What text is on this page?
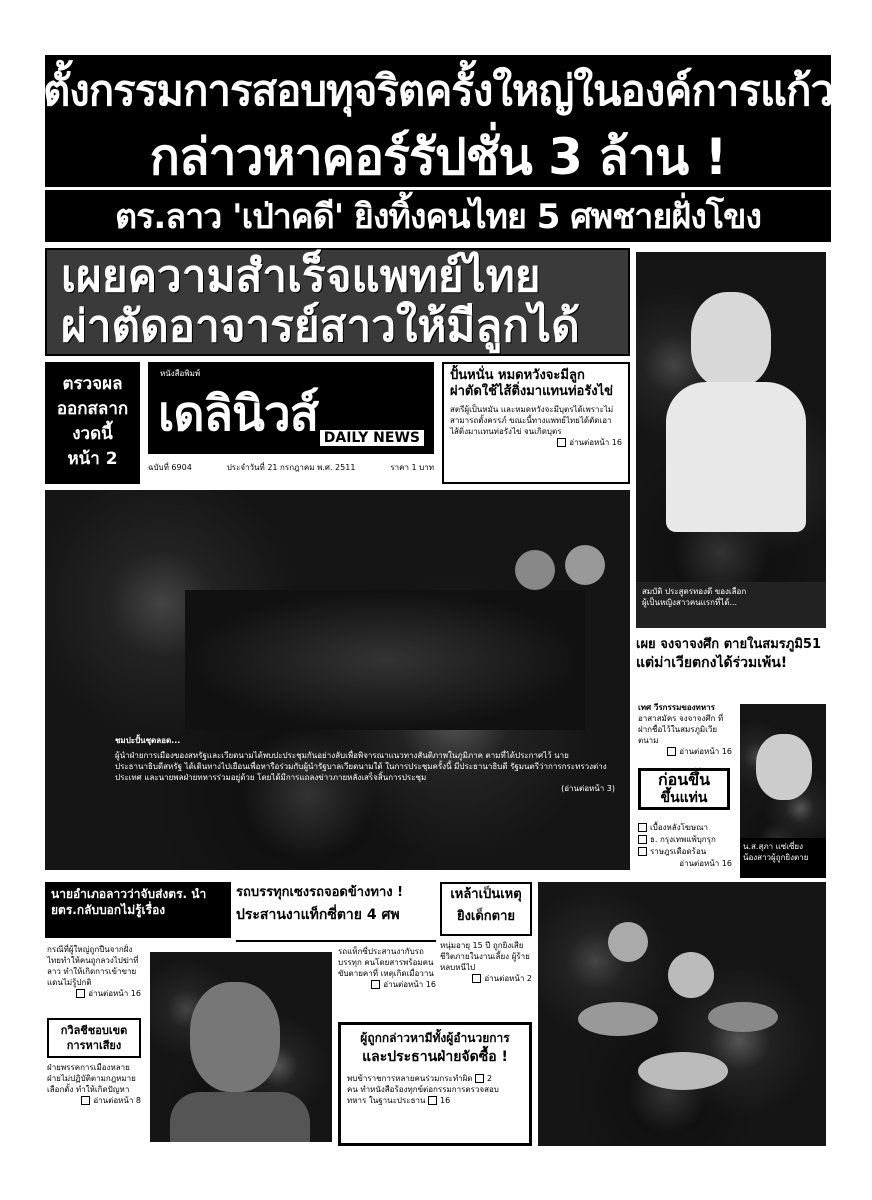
ตั้งกรรมการสอบทุจริตครั้งใหญ่ในองค์การแก้ว
กล่าวหาคอร์รัปชั่น 3 ล้าน !
ตร.ลาว 'เป่าคดี' ยิงทิ้งคนไทย 5 ศพชายฝั่งโขง
เผยความสำเร็จแพทย์ไทย
ผ่าตัดอาจารย์สาวให้มีลูกได้
สมบัติ ประสูตรทองดี ของเลือก
ผู้เป็นหญิงสาวคนแรกที่ได้...
ตรวจผล
ออกสลาก
งวดนี้
หน้า 2
หนังสือพิมพ์
เดลินิวส์ DAILY NEWS
ฉบับที่ 6904	ประจำวันที่ 21 กรกฎาคม พ.ศ. 2511	ราคา 1 บาท
ปั้นหนั่น หมดหวังจะมีลูก
ผ่าตัดใช้ไส้ติ่งมาแทนท่อรังไข่
สตรีผู้เป็นหมัน และหมดหวังจะมีบุตรได้เพราะไม่สามารถตั้งครรภ์ ขณะนี้ทางแพทย์ไทยได้ตัดเอาไส้ติ่งมาแทนท่อรังไข่ จนเกิดบุตร
อ่านต่อหน้า 16
ชมปะปั้นชุดลอด...
ผู้นำฝ่ายการเมืองของสหรัฐและเวียดนามได้พบปะประชุมกันอย่างลับเพื่อพิจารณาแนวทางสันติภาพในภูมิภาค ตามที่ได้ประกาศไว้ นายประธานาธิบดีสหรัฐ ได้เดินทางไปเยือนเพื่อหารือร่วมกับผู้นำรัฐบาลเวียดนามใต้ ในการประชุมครั้งนี้ มีประธานาธิบดี รัฐมนตรีว่าการกระทรวงต่างประเทศ และนายพลฝ่ายทหารร่วมอยู่ด้วย โดยได้มีการแถลงข่าวภายหลังเสร็จสิ้นการประชุม
(อ่านต่อหน้า 3)
เผย จงจาจงศึก ตายในสมรภูมิ51
แต่ม่าเวียตกงได้ร่วมเพ้น!
เทศ วีรกรรมของทหาร
อาสาสมัคร จงจาจงศึก ที่ฝากชื่อไว้ในสมรภูมิเวียตนาม
อ่านต่อหน้า 16
ก่อนขึ้น
ขึ้นแท่น
เบื้องหลังโฆษณา
ธ. กรุงเทพแพ้บุกรุก
ราษฎรเดือดร้อน
อ่านต่อหน้า 16
น.ส.สุภา แซ่เซี่ยง
น้องสาวผู้ถูกยิงตาย
นายอำเภอลาวว่าจับส่งตร. นำยตร.กลับบอกไม่รู้เรื่อง
กรณีที่ผู้ใหญ่ถูกปืนจากฝั่งไทยทำให้คนถูกลวงไปฆ่าที่ลาว ทำให้เกิดการเข้าขายแดนไม่รู้ปกติ
อ่านต่อหน้า 16
กวิลชีชอบเขต การหาเสียง
ฝ่ายพรรคการเมืองหลายฝ่ายไม่ปฏิบัติตามกฎหมายเลือกตั้ง ทำให้เกิดปัญหา
อ่านต่อหน้า 8
รถบรรทุกเซงรถจอดข้างทาง !
ประสานงาแท็กซี่ตาย 4 ศพ
รถแท็กซี่ประสานงากับรถบรรทุก คนโดยสารพร้อมคนขับตายคาที่ เหตุเกิดเมื่อวาน
อ่านต่อหน้า 16
เหล้าเป็นเหตุ
ยิงเด็กตาย
หนุ่มอายุ 15 ปี ถูกยิงเสียชีวิตภายในงานเลี้ยง ผู้ร้ายหลบหนีไป
อ่านต่อหน้า 2
ผู้ถูกกล่าวหามีทั้งผู้อำนวยการ
และประธานฝ่ายจัดซื้อ !
พบข้าราชการหลายคนร่วมกระทำผิด 2
คน ทำหนังสือร้องทุกข์ต่อกรรมการตรวจสอบ
ทหาร ในฐานะประธาน 16
